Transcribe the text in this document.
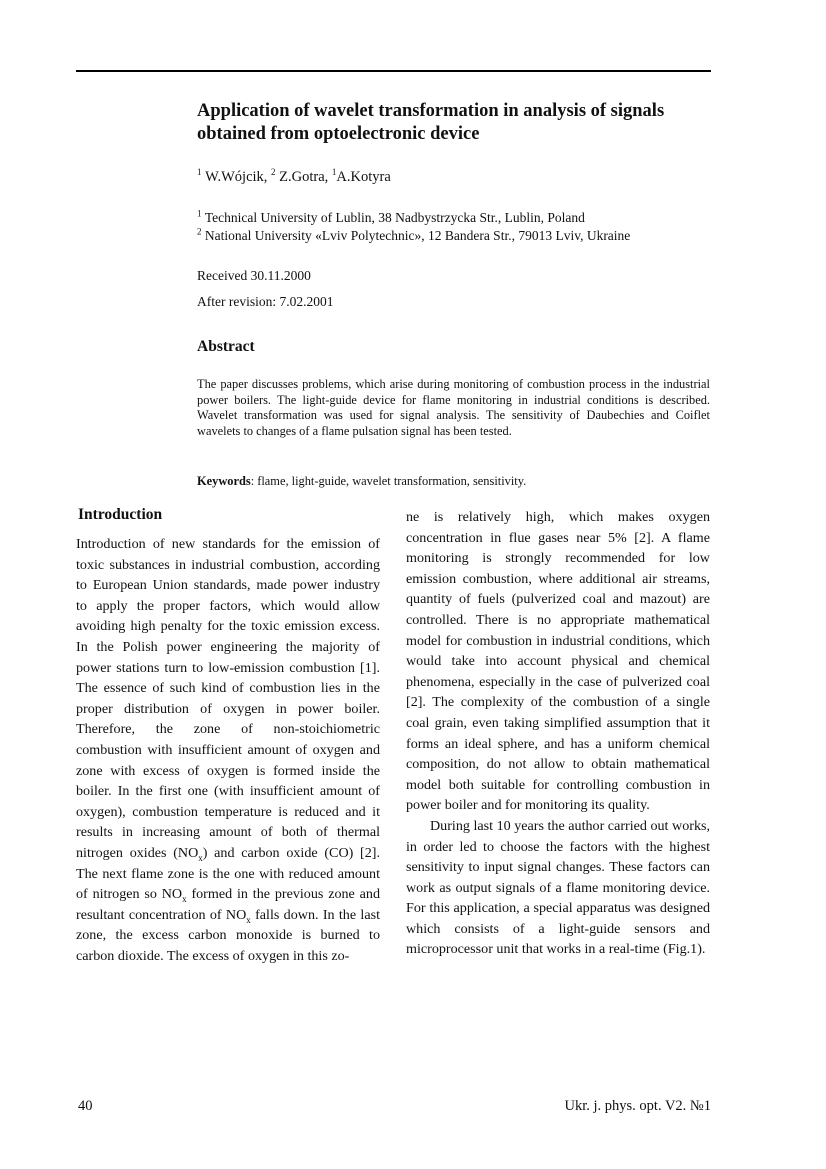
Application of wavelet transformation in analysis of signals obtained from optoelectronic device
$^1$ W.Wójcik, $^2$ Z.Gotra, $^1$A.Kotyra
$^1$ Technical University of Lublin, 38 Nadbystrzycka Str., Lublin, Poland
$^2$ National University «Lviv Polytechnic», 12 Bandera Str., 79013 Lviv, Ukraine
Received 30.11.2000
After revision: 7.02.2001
Abstract
The paper discusses problems, which arise during monitoring of combustion process in the industrial power boilers. The light-guide device for flame monitoring in industrial conditions is described. Wavelet transformation was used for signal analysis. The sensitivity of Daubechies and Coiflet wavelets to changes of a flame pulsation signal has been tested.
Keywords: flame, light-guide, wavelet transformation, sensitivity.
Introduction
Introduction of new standards for the emission of toxic substances in industrial combustion, according to European Union standards, made power industry to apply the proper factors, which would allow avoiding high penalty for the toxic emission excess. In the Polish power engineering the majority of power stations turn to low-emission combustion [1]. The essence of such kind of combustion lies in the proper distribution of oxygen in power boiler. Therefore, the zone of non-stoichiometric combustion with insufficient amount of oxygen and zone with excess of oxygen is formed inside the boiler. In the first one (with insufficient amount of oxygen), combustion temperature is reduced and it results in increasing amount of both of thermal nitrogen oxides $(NO_x)$ and carbon oxide (CO) [2]. The next flame zone is the one with reduced amount of nitrogen so $NO_x$ formed in the previous zone and resultant concentration of $NO_x$ falls down. In the last zone, the excess carbon monoxide is burned to carbon dioxide. The excess of oxygen in this zo-
ne is relatively high, which makes oxygen concentration in flue gases near 5% [2]. A flame monitoring is strongly recommended for low emission combustion, where additional air streams, quantity of fuels (pulverized coal and mazout) are controlled. There is no appropriate mathematical model for combustion in industrial conditions, which would take into account physical and chemical phenomena, especially in the case of pulverized coal [2]. The complexity of the combustion of a single coal grain, even taking simplified assumption that it forms an ideal sphere, and has a uniform chemical composition, do not allow to obtain mathematical model both suitable for controlling combustion in power boiler and for monitoring its quality.
During last 10 years the author carried out works, in order led to choose the factors with the highest sensitivity to input signal changes. These factors can work as output signals of a flame monitoring device. For this application, a special apparatus was designed which consists of a light-guide sensors and microprocessor unit that works in a real-time (Fig.1).
40	Ukr. j. phys. opt. V2. №1
